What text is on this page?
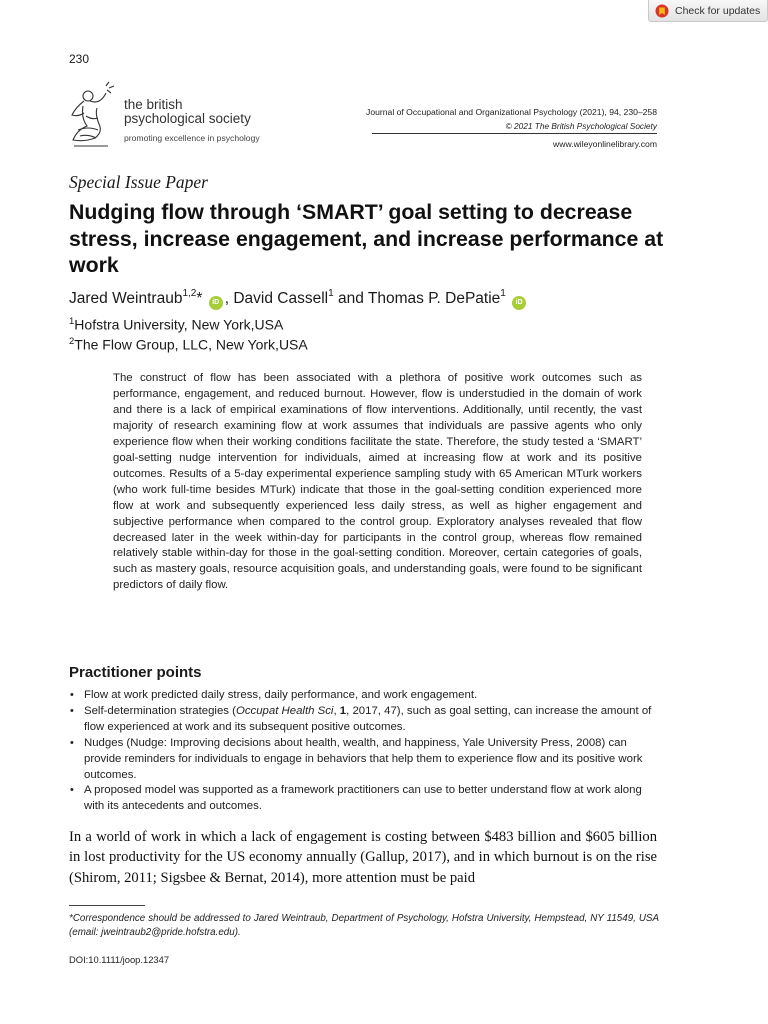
Check for updates
230
the british
psychological society
promoting excellence in psychology
Journal of Occupational and Organizational Psychology (2021), 94, 230–258
© 2021 The British Psychological Society
www.wileyonlinelibrary.com
Special Issue Paper
Nudging flow through ‘SMART’ goal setting to decrease stress, increase engagement, and increase performance at work
Jared Weintraub$^{1,2}$* iD , David Cassell$^1$ and Thomas P. DePatie$^1$ iD
$^1$Hofstra University, New York,USA
$^2$The Flow Group, LLC, New York,USA
The construct of flow has been associated with a plethora of positive work outcomes such as performance, engagement, and reduced burnout. However, flow is understudied in the domain of work and there is a lack of empirical examinations of flow interventions. Additionally, until recently, the vast majority of research examining flow at work assumes that individuals are passive agents who only experience flow when their working conditions facilitate the state. Therefore, the study tested a ‘SMART’ goal-setting nudge intervention for individuals, aimed at increasing flow at work and its positive outcomes. Results of a 5-day experimental experience sampling study with 65 American MTurk workers (who work full-time besides MTurk) indicate that those in the goal-setting condition experienced more flow at work and subsequently experienced less daily stress, as well as higher engagement and subjective performance when compared to the control group. Exploratory analyses revealed that flow decreased later in the week within-day for participants in the control group, whereas flow remained relatively stable within-day for those in the goal-setting condition. Moreover, certain categories of goals, such as mastery goals, resource acquisition goals, and understanding goals, were found to be significant predictors of daily flow.
Practitioner points

• Flow at work predicted daily stress, daily performance, and work engagement.

• Self-determination strategies (Occupat Health Sci, 1, 2017, 47), such as goal setting, can increase the amount of flow experienced at work and its subsequent positive outcomes.

• Nudges (Nudge: Improving decisions about health, wealth, and happiness, Yale University Press, 2008) can provide reminders for individuals to engage in behaviors that help them to experience flow and its positive work outcomes.

• A proposed model was supported as a framework practitioners can use to better understand flow at work along with its antecedents and outcomes.

In a world of work in which a lack of engagement is costing between $483 billion and $605 billion in lost productivity for the US economy annually (Gallup, 2017), and in which burnout is on the rise (Shirom, 2011; Sigsbee & Bernat, 2014), more attention must be paid
*Correspondence should be addressed to Jared Weintraub, Department of Psychology, Hofstra University, Hempstead, NY 11549, USA (email: jweintraub2@pride.hofstra.edu).
DOI:10.1111/joop.12347
